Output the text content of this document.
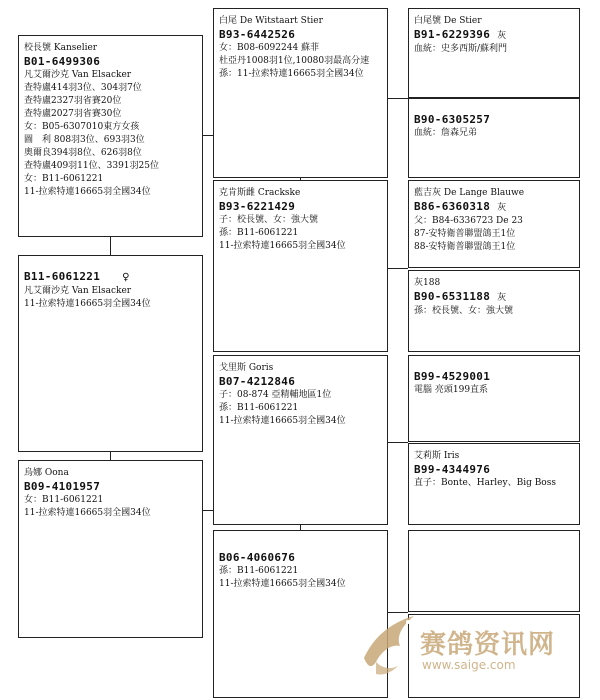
校長號 Kanselier
B01-6499306
凡艾爾沙克 Van Elsacker
查特盧414羽3位、304羽7位
查特盧2327羽省賽20位
查特盧2027羽省賽30位
女：B05-6307010東方女孩
圖　利 808羽3位、693羽3位
奧爾良394羽8位、626羽8位
查特盧409羽11位、3391羽25位
女：B11-6061221
11-拉索特連16665羽全國34位
B11-6061221 ♀
凡艾爾沙克 Van Elsacker
11-拉索特連16665羽全國34位
烏娜 Oona
B09-4101957
女：B11-6061221
11-拉索特連16665羽全國34位
白尾 De Witstaart Stier
B93-6442526
女：B08-6092244 蘇菲
杜亞丹1008羽1位,10080羽最高分速
孫：11-拉索特連16665羽全國34位
克肯斯雌 Crackske
B93-6221429
子：校長號、女：強大號
孫：B11-6061221
11-拉索特連16665羽全國34位
戈里斯 Goris
B07-4212846
子：08-874 亞精輔地區1位
孫：B11-6061221
11-拉索特連16665羽全國34位
B06-4060676
孫：B11-6061221
11-拉索特連16665羽全國34位
白尾號 De Stier
B91-6229396 灰
血統：史多西斯/蘇利門
B90-6305257
血統：詹森兄弟
藍吉灰 De Lange Blauwe
B86-6360318 灰
父：B84-6336723 De 23
87-安特衛普聯盟鴿王1位
88-安特衛普聯盟鴿王1位
灰188
B90-6531188 灰
孫：校長號、女：強大號
B99-4529001
電腦 亮頭199直系
艾莉斯 Iris
B99-4344976
直子：Bonte、Harley、Big Boss
赛鸽资讯网
www.saige.com
